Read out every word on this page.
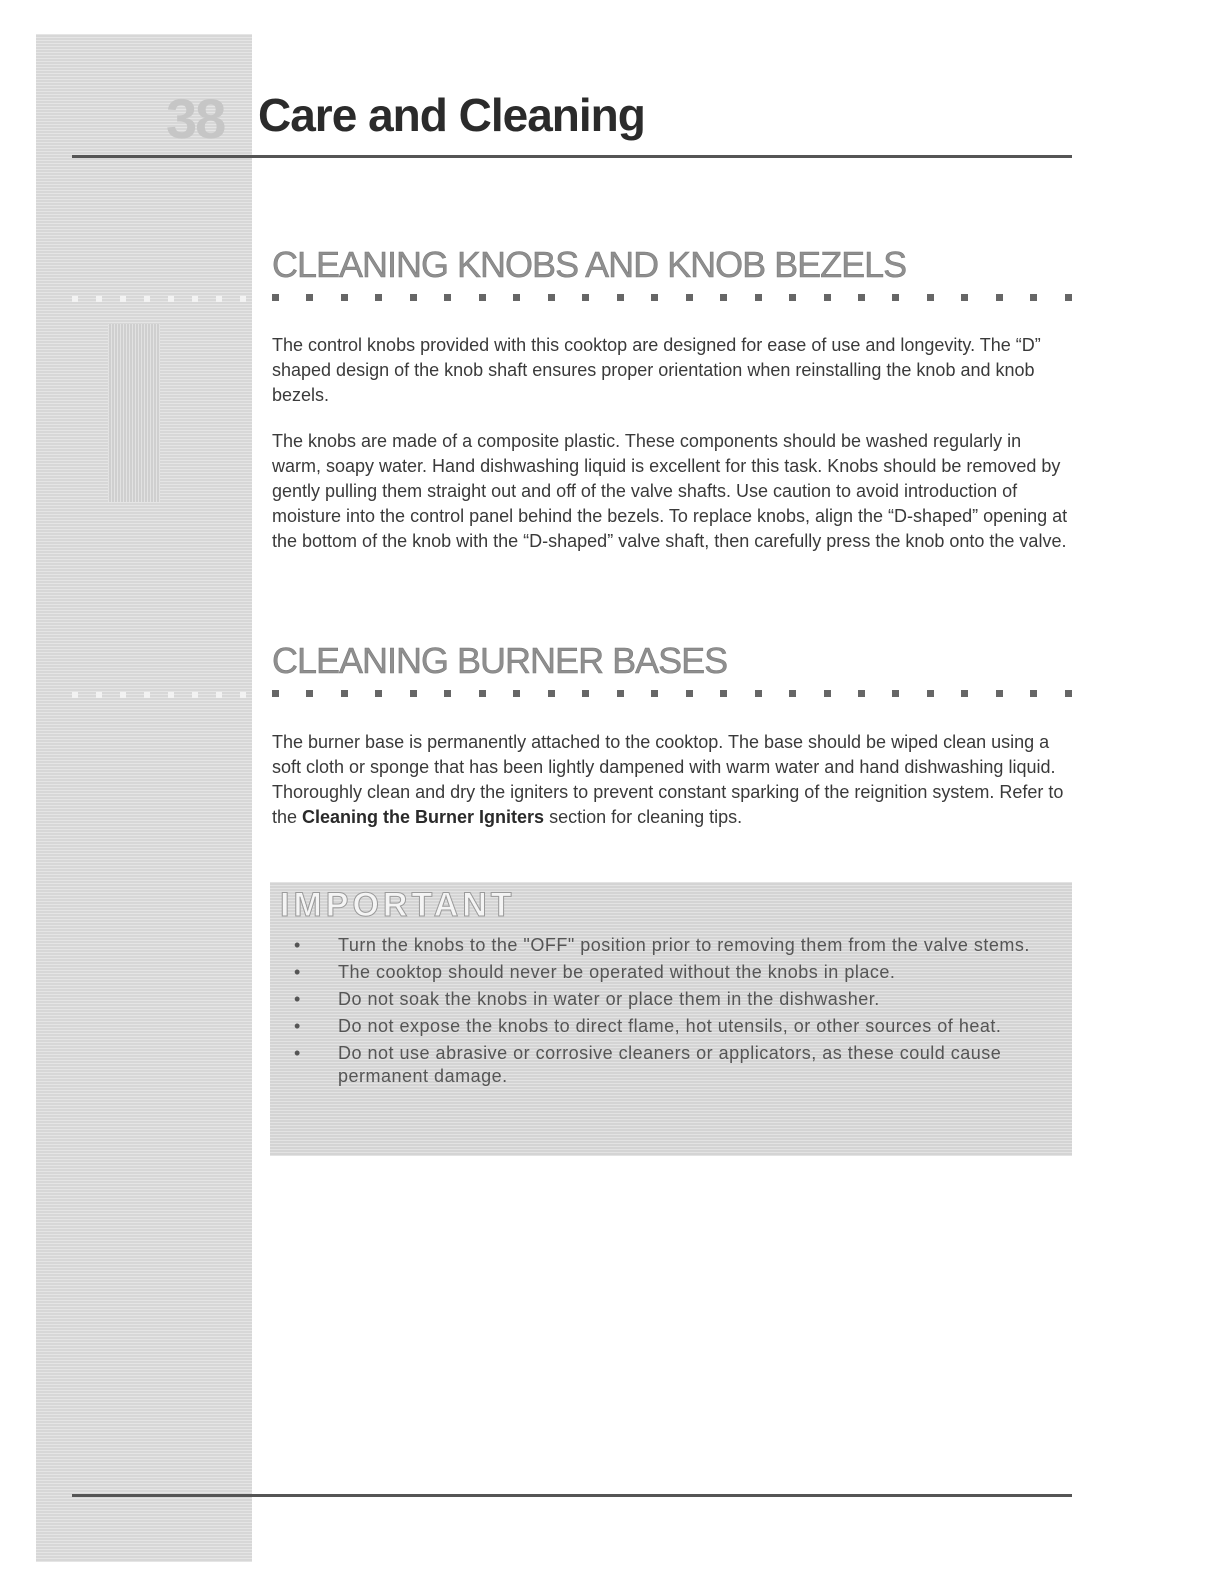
38 Care and Cleaning
CLEANING KNOBS AND KNOB BEZELS

The control knobs provided with this cooktop are designed for ease of use and longevity. The “D” shaped design of the knob shaft ensures proper orientation when reinstalling the knob and knob bezels.

The knobs are made of a composite plastic. These components should be washed regularly in warm, soapy water. Hand dishwashing liquid is excellent for this task. Knobs should be removed by gently pulling them straight out and off of the valve shafts. Use caution to avoid introduction of moisture into the control panel behind the bezels. To replace knobs, align the “D-shaped” opening at the bottom of the knob with the “D-shaped” valve shaft, then carefully press the knob onto the valve.

CLEANING BURNER BASES

The burner base is permanently attached to the cooktop. The base should be wiped clean using a soft cloth or sponge that has been lightly dampened with warm water and hand dishwashing liquid. Thoroughly clean and dry the igniters to prevent constant sparking of the reignition system. Refer to the Cleaning the Burner Igniters section for cleaning tips.

IMPORTANT
• Turn the knobs to the "OFF" position prior to removing them from the valve stems.
• The cooktop should never be operated without the knobs in place.
• Do not soak the knobs in water or place them in the dishwasher.
• Do not expose the knobs to direct flame, hot utensils, or other sources of heat.
• Do not use abrasive or corrosive cleaners or applicators, as these could cause permanent damage.
